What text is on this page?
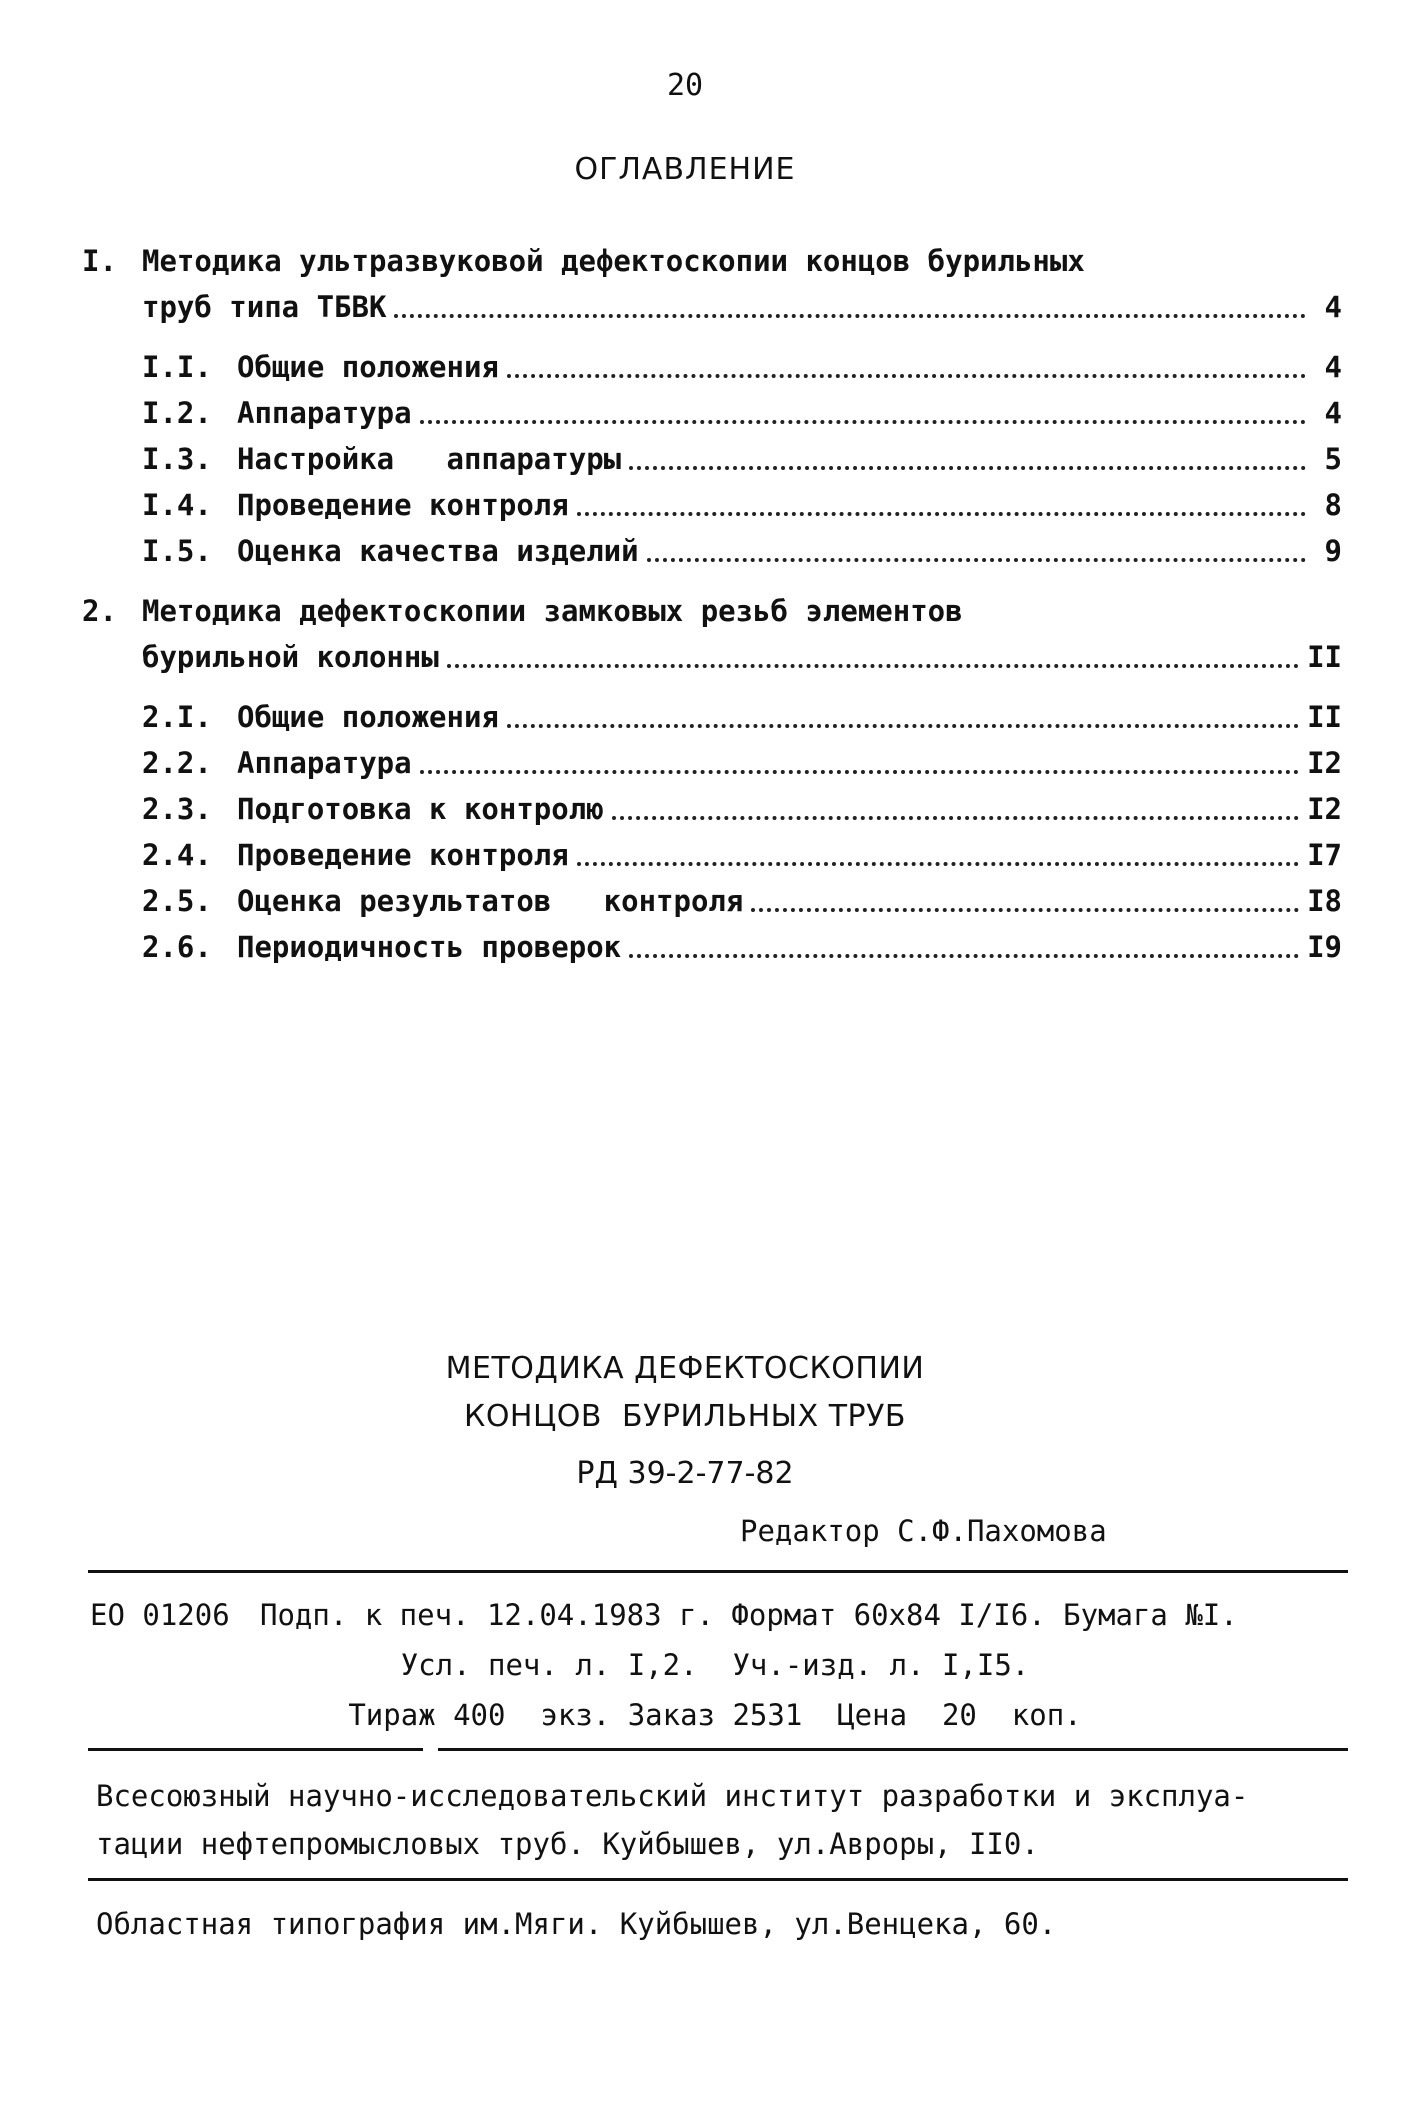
20
ОГЛАВЛЕНИЕ
I. Методика ультразвуковой дефектоскопии концов бурильных
труб типа ТБВК	4
I.I. Общие положения	4
I.2. Аппаратура	4
I.3. Настройка   аппаратуры	5
I.4. Проведение контроля	8
I.5. Оценка качества изделий	9
2. Методика дефектоскопии замковых резьб элементов
бурильной колонны	II
2.I. Общие положения	II
2.2. Аппаратура	I2
2.3. Подготовка к контролю	I2
2.4. Проведение контроля	I7
2.5. Оценка результатов   контроля	I8
2.6. Периодичность проверок	I9
МЕТОДИКА ДЕФЕКТОСКОПИИ
КОНЦОВ  БУРИЛЬНЫХ ТРУБ
РД 39-2-77-82
Редактор С.Ф.Пахомова
ЕО 01206 Подп. к печ. 12.04.1983 г. Формат 60х84 I/I6. Бумага №I.
Усл. печ. л. I,2.  Уч.-изд. л. I,I5.
Тираж 400  экз. Заказ 2531  Цена  20  коп.
Всесоюзный научно-исследовательский институт разработки и эксплуа-
тации нефтепромысловых труб. Куйбышев, ул.Авроры, II0.
Областная типография им.Мяги. Куйбышев, ул.Венцека, 60.
